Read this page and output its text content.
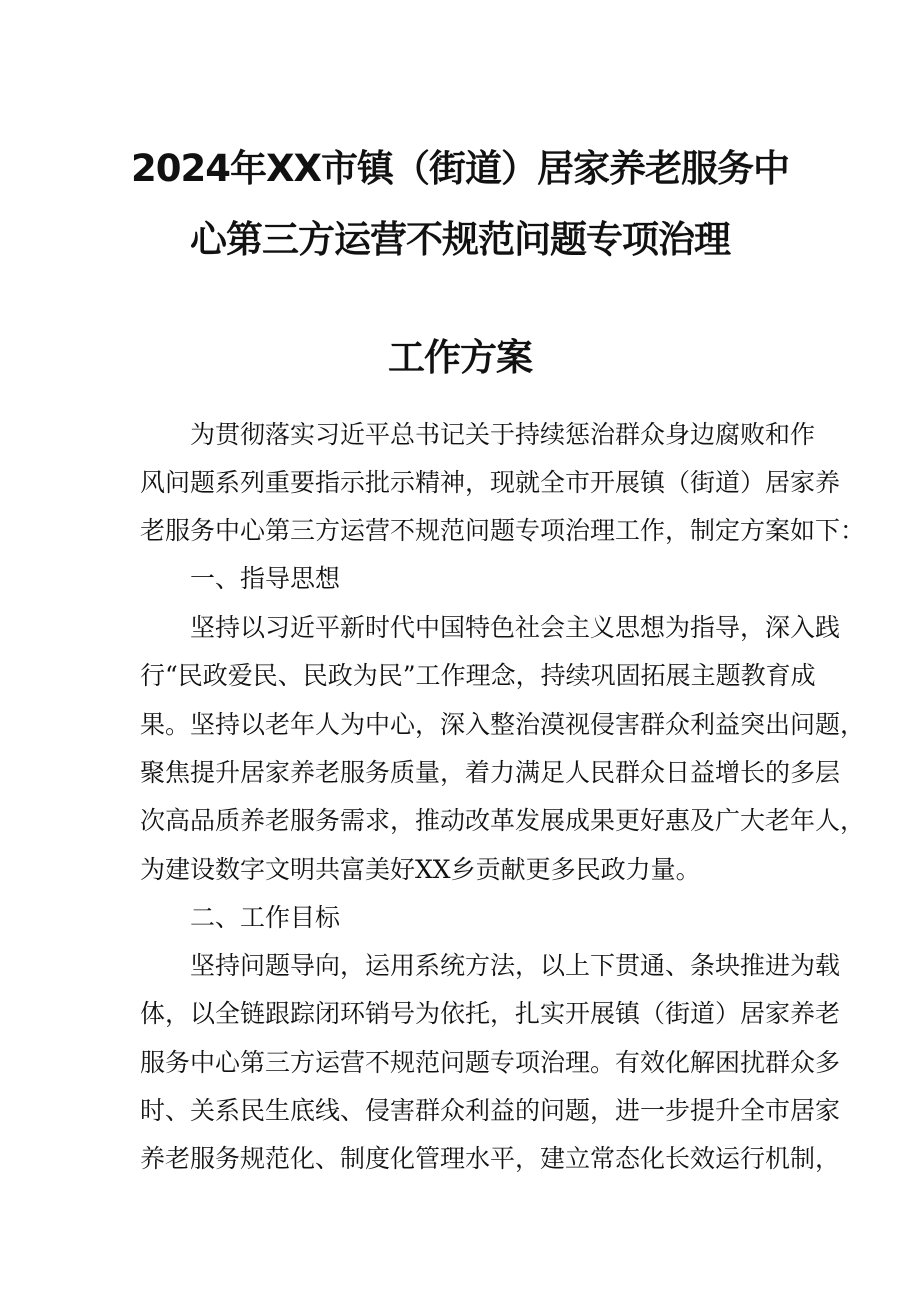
2024年XX市镇（街道）居家养老服务中
心第三方运营不规范问题专项治理
工作方案
为贯彻落实习近平总书记关于持续惩治群众身边腐败和作
风问题系列重要指示批示精神，现就全市开展镇（街道）居家养
老服务中心第三方运营不规范问题专项治理工作，制定方案如下：
一、指导思想
坚持以习近平新时代中国特色社会主义思想为指导，深入践
行“民政爱民、民政为民”工作理念，持续巩固拓展主题教育成
果。坚持以老年人为中心，深入整治漠视侵害群众利益突出问题，
聚焦提升居家养老服务质量，着力满足人民群众日益增长的多层
次高品质养老服务需求，推动改革发展成果更好惠及广大老年人，
为建设数字文明共富美好XX乡贡献更多民政力量。
二、工作目标
坚持问题导向，运用系统方法，以上下贯通、条块推进为载
体，以全链跟踪闭环销号为依托，扎实开展镇（街道）居家养老
服务中心第三方运营不规范问题专项治理。有效化解困扰群众多
时、关系民生底线、侵害群众利益的问题，进一步提升全市居家
养老服务规范化、制度化管理水平，建立常态化长效运行机制，
